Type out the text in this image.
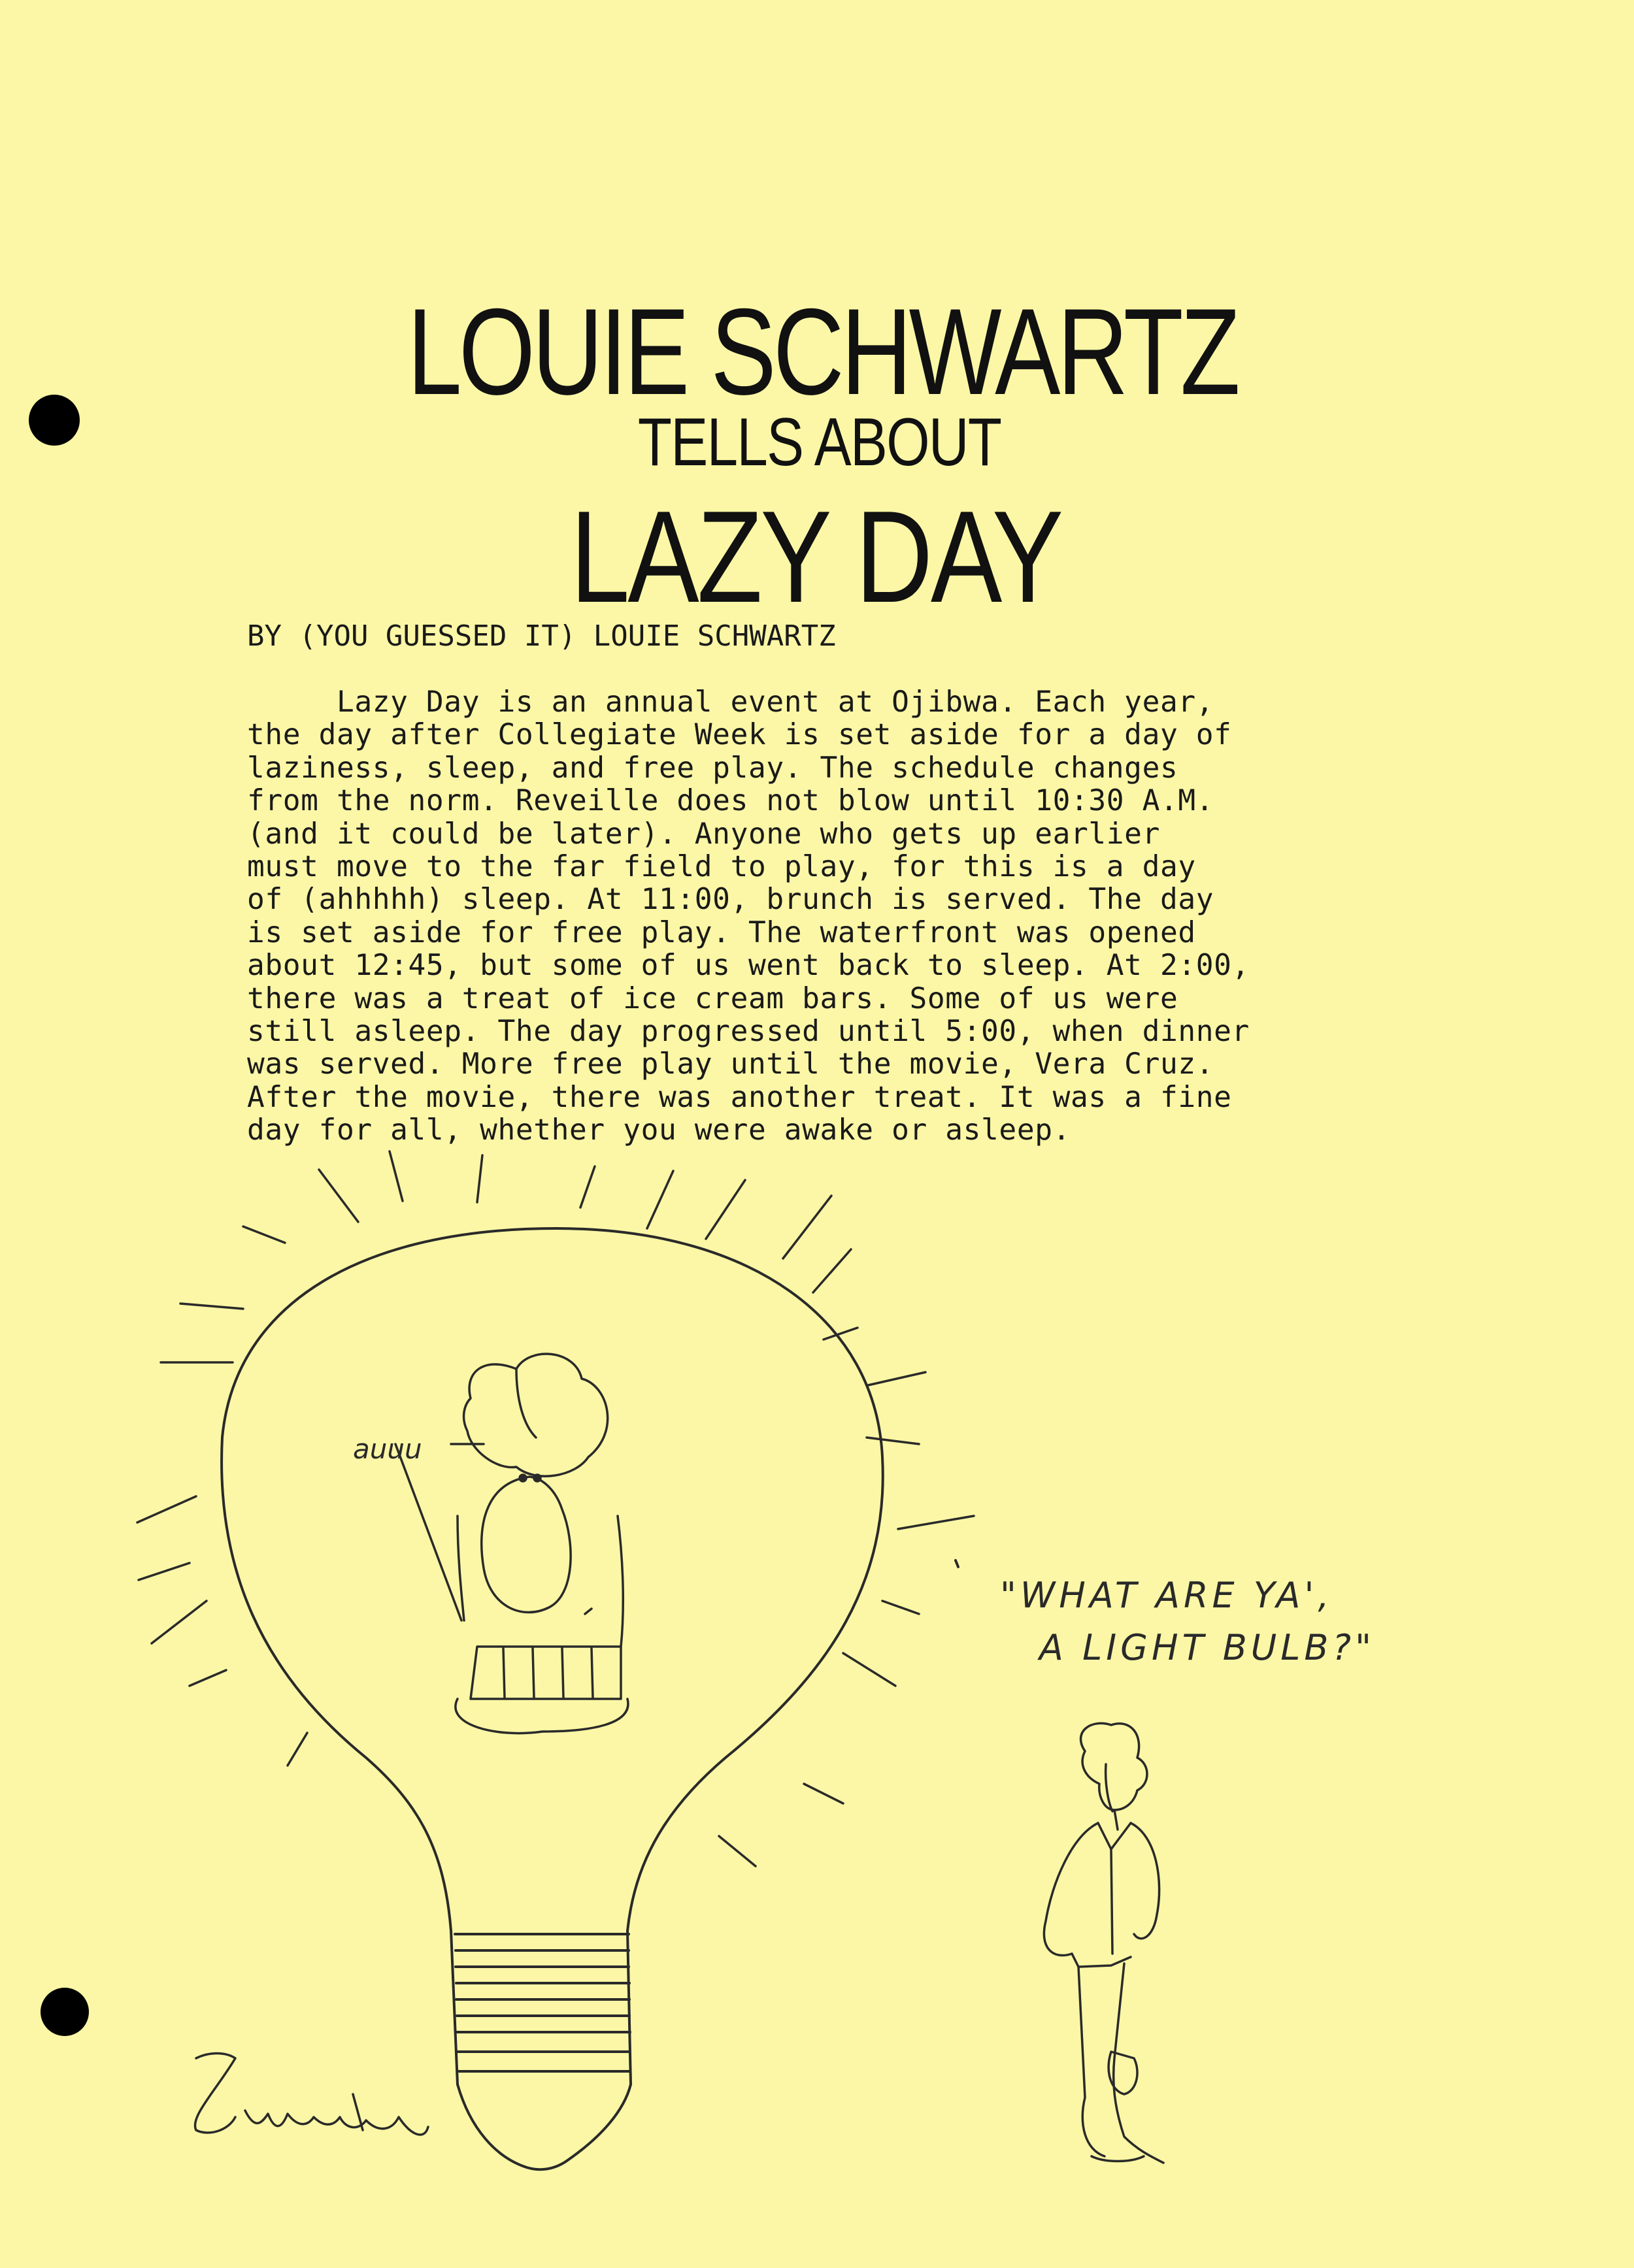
LOUIE SCHWARTZ
TELLS ABOUT
LAZY DAY
BY (YOU GUESSED IT) LOUIE SCHWARTZ
Lazy Day is an annual event at Ojibwa. Each year,
the day after Collegiate Week is set aside for a day of
laziness, sleep, and free play. The schedule changes
from the norm. Reveille does not blow until 10:30 A.M.
(and it could be later). Anyone who gets up earlier
must move to the far field to play, for this is a day
of (ahhhhh) sleep. At 11:00, brunch is served. The day
is set aside for free play. The waterfront was opened
about 12:45, but some of us went back to sleep. At 2:00,
there was a treat of ice cream bars. Some of us were
still asleep. The day progressed until 5:00, when dinner
was served. More free play until the movie, Vera Cruz.
After the movie, there was another treat. It was a fine
day for all, whether you were awake or asleep.
auuu
"WHAT ARE YA',
A LIGHT BULB?"
